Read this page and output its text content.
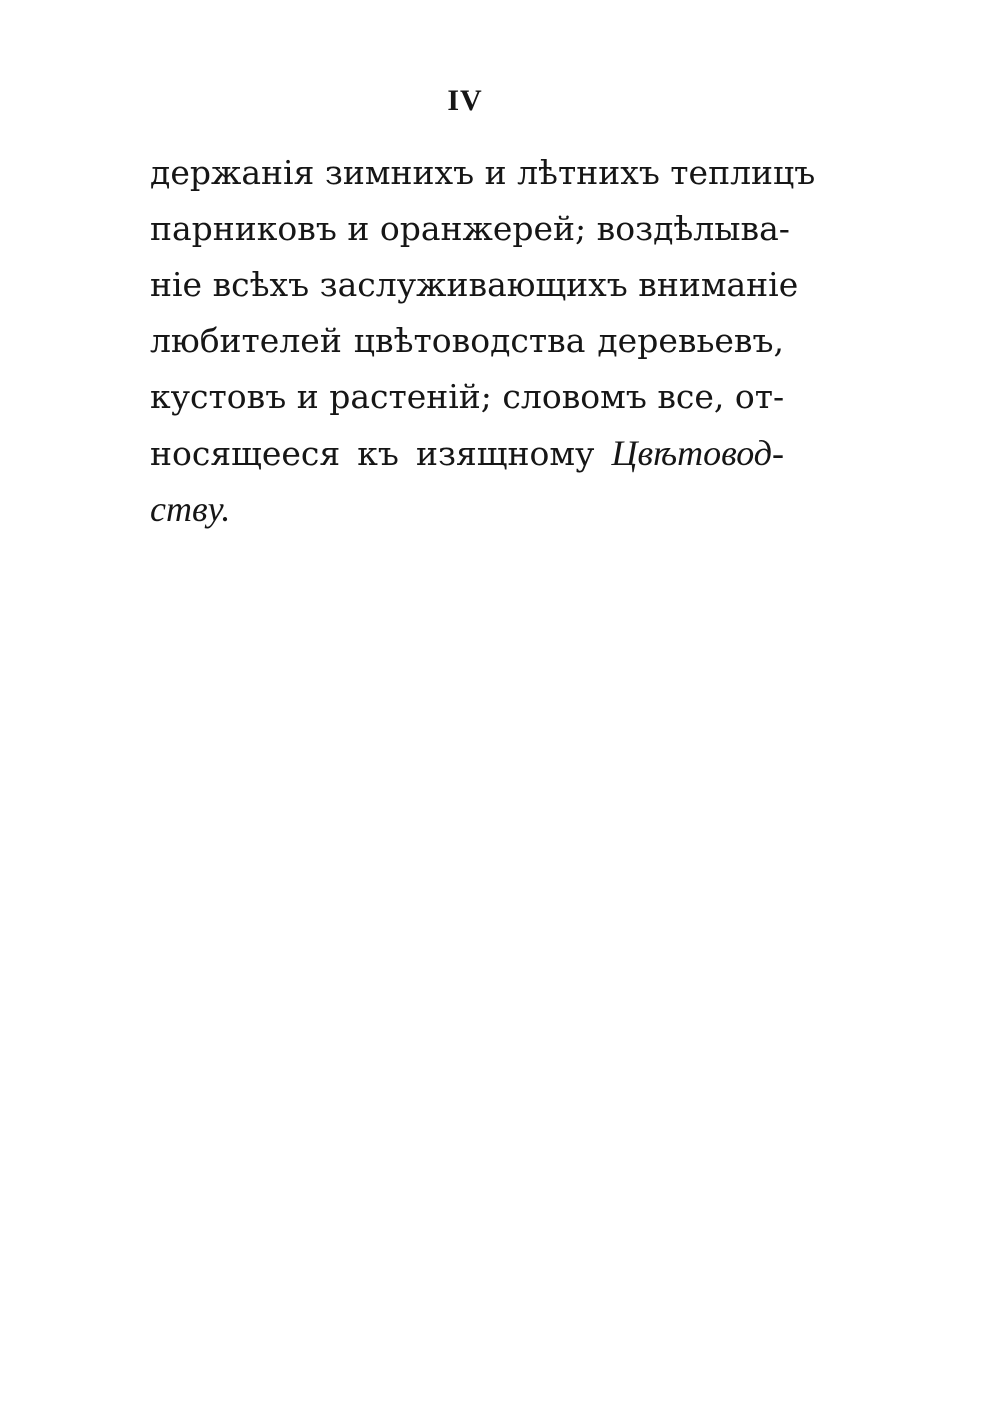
IV
держанія зимнихъ и лѣтнихъ теплицъ
парниковъ и оранжерей; воздѣлыва-
ніе всѣхъ заслуживающихъ вниманіе
любителей цвѣтоводства деревьевъ,
кустовъ и растеній; словомъ все, от-
носящееся къ изящному Цвѣтовод-
ству.
